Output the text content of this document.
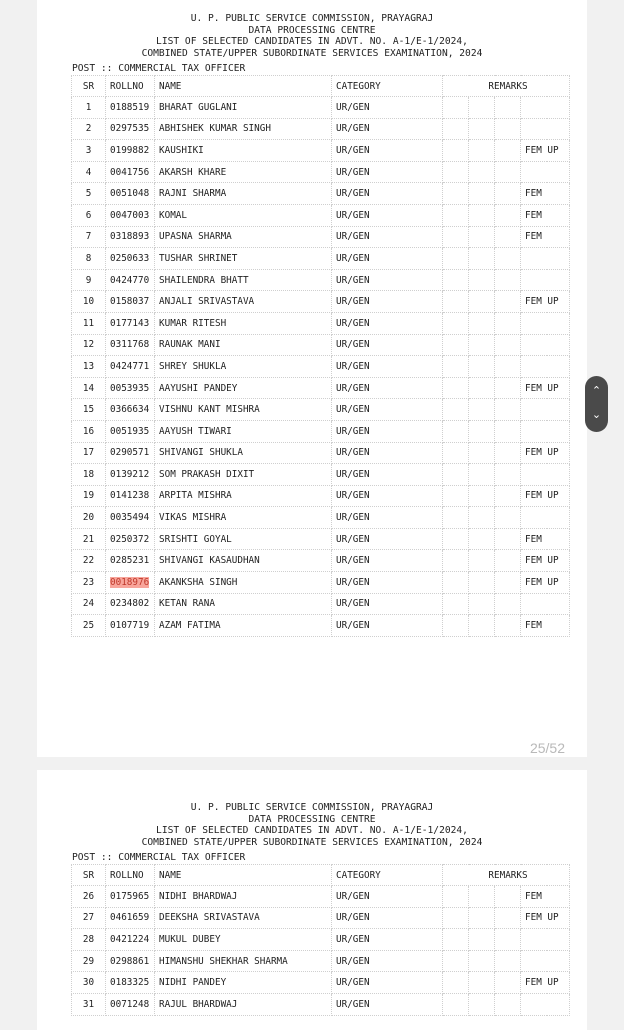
U. P. PUBLIC SERVICE COMMISSION, PRAYAGRAJ
DATA PROCESSING CENTRE
LIST OF SELECTED CANDIDATES IN ADVT. NO. A-1/E-1/2024,
COMBINED STATE/UPPER SUBORDINATE SERVICES EXAMINATION, 2024
POST :: COMMERCIAL TAX OFFICER
SR	ROLLNO	NAME	CATEGORY	REMARKS			
1	0188519	BHARAT GUGLANI	UR/GEN				
2	0297535	ABHISHEK KUMAR SINGH	UR/GEN				
3	0199882	KAUSHIKI	UR/GEN				FEM UP
4	0041756	AKARSH KHARE	UR/GEN				
5	0051048	RAJNI SHARMA	UR/GEN				FEM
6	0047003	KOMAL	UR/GEN				FEM
7	0318893	UPASNA SHARMA	UR/GEN				FEM
8	0250633	TUSHAR SHRINET	UR/GEN				
9	0424770	SHAILENDRA BHATT	UR/GEN				
10	0158037	ANJALI SRIVASTAVA	UR/GEN				FEM UP
11	0177143	KUMAR RITESH	UR/GEN				
12	0311768	RAUNAK MANI	UR/GEN				
13	0424771	SHREY SHUKLA	UR/GEN				
14	0053935	AAYUSHI PANDEY	UR/GEN				FEM UP
15	0366634	VISHNU KANT MISHRA	UR/GEN				
16	0051935	AAYUSH TIWARI	UR/GEN				
17	0290571	SHIVANGI SHUKLA	UR/GEN				FEM UP
18	0139212	SOM PRAKASH DIXIT	UR/GEN				
19	0141238	ARPITA MISHRA	UR/GEN				FEM UP
20	0035494	VIKAS MISHRA	UR/GEN				
21	0250372	SRISHTI GOYAL	UR/GEN				FEM
22	0285231	SHIVANGI KASAUDHAN	UR/GEN				FEM UP
23	0018976	AKANKSHA SINGH	UR/GEN				FEM UP
24	0234802	KETAN RANA	UR/GEN				
25	0107719	AZAM FATIMA	UR/GEN				FEM
25/52
U. P. PUBLIC SERVICE COMMISSION, PRAYAGRAJ
DATA PROCESSING CENTRE
LIST OF SELECTED CANDIDATES IN ADVT. NO. A-1/E-1/2024,
COMBINED STATE/UPPER SUBORDINATE SERVICES EXAMINATION, 2024
POST :: COMMERCIAL TAX OFFICER
SR	ROLLNO	NAME	CATEGORY	REMARKS			
26	0175965	NIDHI BHARDWAJ	UR/GEN				FEM
27	0461659	DEEKSHA SRIVASTAVA	UR/GEN				FEM UP
28	0421224	MUKUL DUBEY	UR/GEN				
29	0298861	HIMANSHU SHEKHAR SHARMA	UR/GEN				
30	0183325	NIDHI PANDEY	UR/GEN				FEM UP
31	0071248	RAJUL BHARDWAJ	UR/GEN				
⌃
⌄
